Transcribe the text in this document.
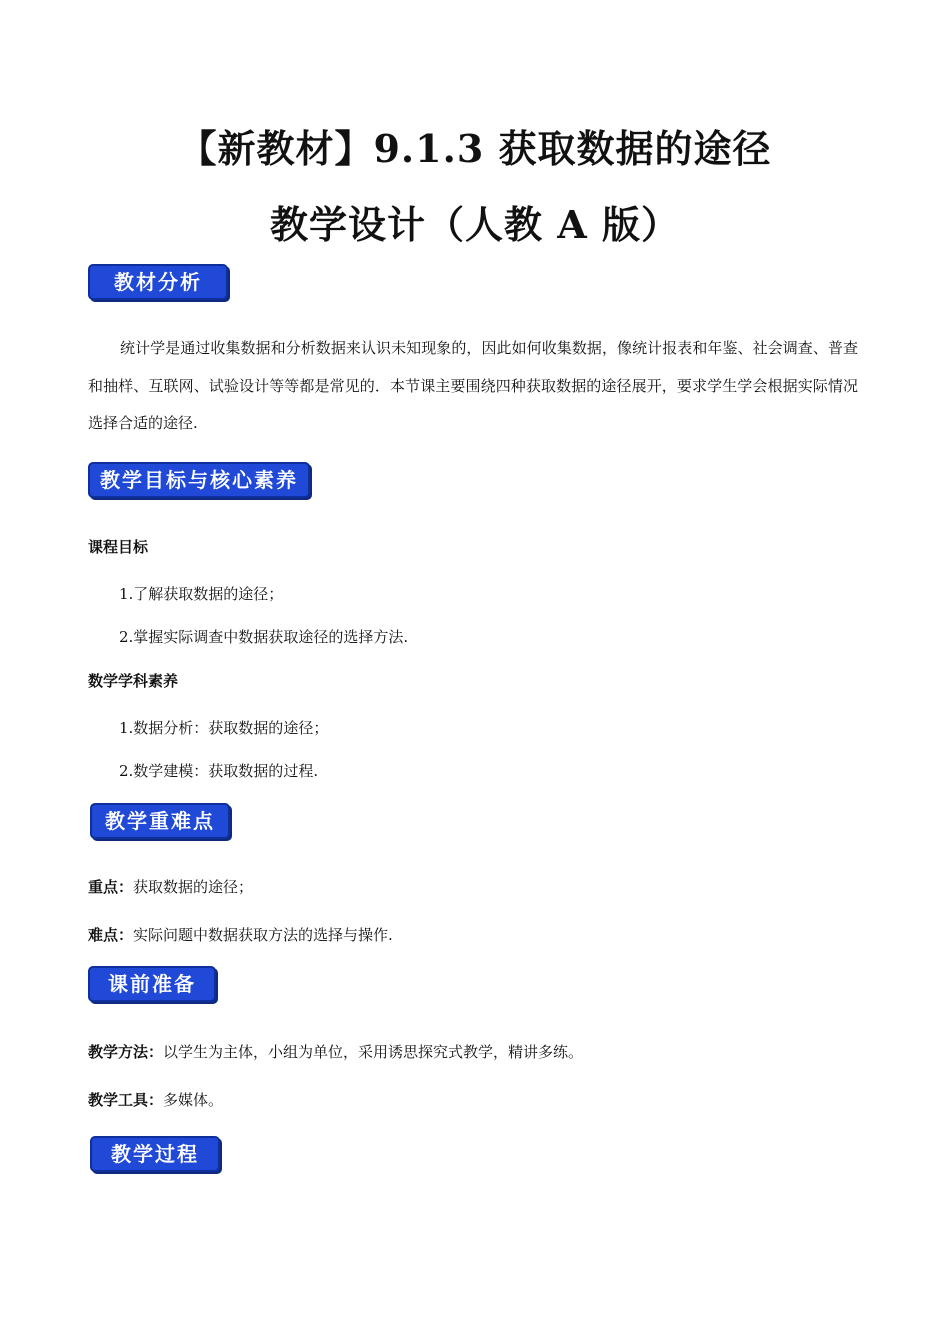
【新教材】9.1.3 获取数据的途径
教学设计（人教 A 版）
教材分析
统计学是通过收集数据和分析数据来认识未知现象的，因此如何收集数据，像统计报表和年鉴、社会调查、普查和抽样、互联网、试验设计等等都是常见的．本节课主要围绕四种获取数据的途径展开，要求学生学会根据实际情况选择合适的途径.
教学目标与核心素养
课程目标
1.了解获取数据的途径；
2.掌握实际调查中数据获取途径的选择方法.
数学学科素养
1.数据分析：获取数据的途径；
2.数学建模：获取数据的过程.
教学重难点
重点：获取数据的途径；
难点：实际问题中数据获取方法的选择与操作.
课前准备
教学方法：以学生为主体，小组为单位，采用诱思探究式教学，精讲多练。
教学工具：多媒体。
教学过程
